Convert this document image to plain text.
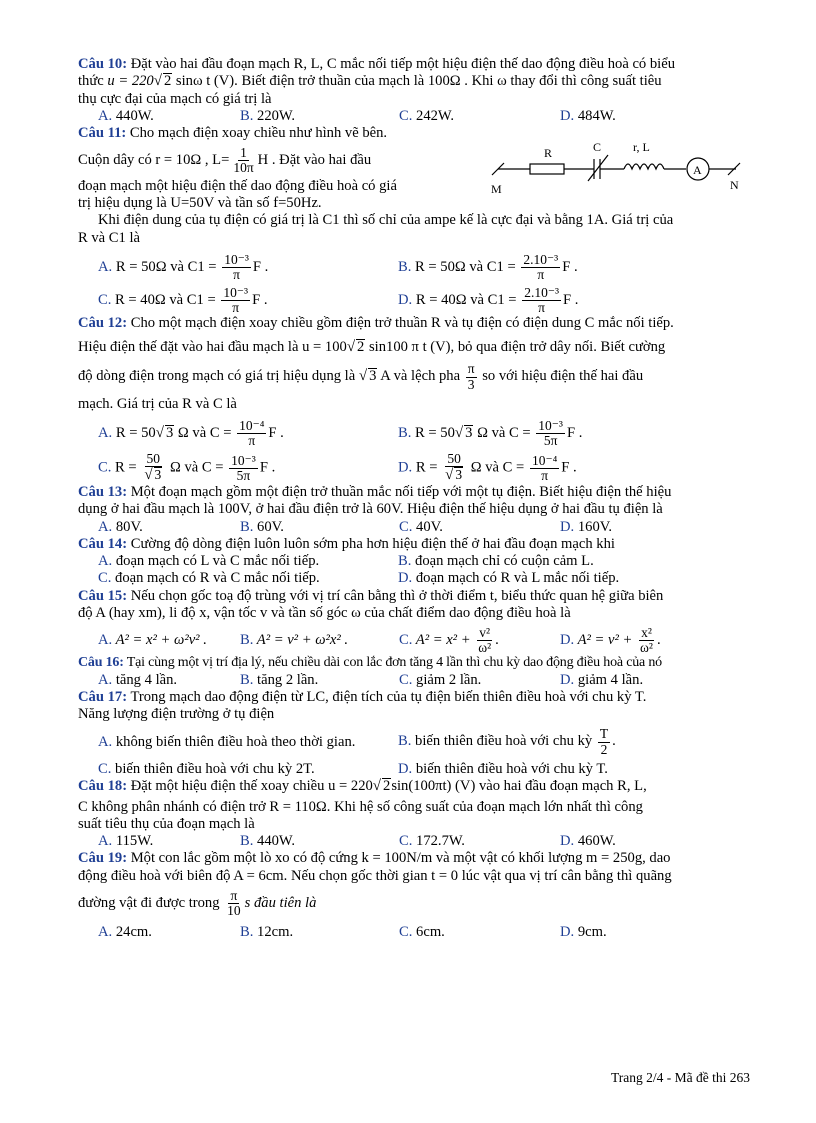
Câu 10: Đặt vào hai đầu đoạn mạch R, L, C mắc nối tiếp một hiệu điện thế dao động điều hoà có biểu

thức u = 220√ 2 sinω t (V). Biết điện trở thuần của mạch là 100Ω . Khi ω thay đổi thì công suất tiêu

thụ cực đại của mạch có giá trị là

A. 440W.	B. 220W.	C. 242W.	D. 484W.

Câu 11: Cho mạch điện xoay chiều như hình vẽ bên.

Cuộn dây có r = 10Ω , $L= \frac{1}{10\pi}$ H . Đặt vào hai đầu

đoạn mạch một hiệu điện thế dao động điều hoà có giá

trị hiệu dụng là U=50V và tần số f=50Hz.

Khi điện dung của tụ điện có giá trị là C1 thì số chỉ của ampe kế là cực đại và bằng 1A. Giá trị của

R và C1 là

A. R = 50Ω và $C1 = \frac{\text{10⁻³}}{\pi}$ F .	B. R = 50Ω và $C1 = \frac{\text{2.10⁻³}}{\pi}$ F .
C. R = 40Ω và $C1 = \frac{\text{10⁻³}}{\pi}$ F .	D. R = 40Ω và $C1 = \frac{\text{2.10⁻³}}{\pi}$ F .

Câu 12: Cho một mạch điện xoay chiều gồm điện trở thuần R và tụ điện có điện dung C mắc nối tiếp.

Hiệu điện thế đặt vào hai đầu mạch là u = 100√ 2 sin100 π t (V), bỏ qua điện trở dây nối. Biết cường

độ dòng điện trong mạch có giá trị hiệu dụng là √ 3 A và lệch pha $\frac{\pi}{3}$ so với hiệu điện thế hai đầu

mạch. Giá trị của R và C là

A. R = 50√ 3 Ω và $C = \frac{\text{10⁻⁴}}{\pi}$ F .	B. R = 50√ 3 Ω và $C = \frac{\text{10⁻³}}{5\pi}$ F .
C. $R = \frac{50}{√ 3}$ Ω và $C = \frac{\text{10⁻³}}{5\pi}$ F .	D. $R = \frac{50}{√ 3}$ Ω và $C = \frac{\text{10⁻⁴}}{\pi}$ F .

Câu 13: Một đoạn mạch gồm một điện trở thuần mắc nối tiếp với một tụ điện. Biết hiệu điện thế hiệu

dụng ở hai đầu mạch là 100V, ở hai đầu điện trở là 60V. Hiệu điện thế hiệu dụng ở hai đầu tụ điện là

A. 80V.	B. 60V.	C. 40V.	D. 160V.

Câu 14: Cường độ dòng điện luôn luôn sớm pha hơn hiệu điện thế ở hai đầu đoạn mạch khi

A. đoạn mạch có L và C mắc nối tiếp.	B. đoạn mạch chỉ có cuộn cảm L.
C. đoạn mạch có R và C mắc nối tiếp.	D. đoạn mạch có R và L mắc nối tiếp.

Câu 15: Nếu chọn gốc toạ độ trùng với vị trí cân bằng thì ở thời điểm t, biểu thức quan hệ giữa biên

độ A (hay xm), li độ x, vận tốc v và tần số góc ω của chất điểm dao động điều hoà là

A. A² = x² + ω²v² .	B. A² = v² + ω²x² .	C. $A^2 = x^2 + \frac{\text{v²}}{\text{ω²}}$ .	D. $A^2 = v^2 + \frac{\text{x²}}{\text{ω²}}$ .

Câu 16: Tại cùng một vị trí địa lý, nếu chiều dài con lắc đơn tăng 4 lần thì chu kỳ dao động điều hoà của nó

A. tăng 4 lần.	B. tăng 2 lần.	C. giảm 2 lần.	D. giảm 4 lần.

Câu 17: Trong mạch dao động điện từ LC, điện tích của tụ điện biến thiên điều hoà với chu kỳ T.

Năng lượng điện trường ở tụ điện

A. không biến thiên điều hoà theo thời gian.	B. biến thiên điều hoà với chu kỳ $\frac{T}{2}$ .
C. biến thiên điều hoà với chu kỳ 2T.	D. biến thiên điều hoà với chu kỳ T.

Câu 18: Đặt một hiệu điện thế xoay chiều u = 220√ 2sin(100πt) (V) vào hai đầu đoạn mạch R, L,

C không phân nhánh có điện trở R = 110Ω. Khi hệ số công suất của đoạn mạch lớn nhất thì công

suất tiêu thụ của đoạn mạch là

A. 115W.	B. 440W.	C. 172.7W.	D. 460W.

Câu 19: Một con lắc gồm một lò xo có độ cứng k = 100N/m và một vật có khối lượng m = 250g, dao

động điều hoà với biên độ A = 6cm. Nếu chọn gốc thời gian t = 0 lúc vật qua vị trí cân bằng thì quãng

đường vật đi được trong $\frac{\pi}{10}$ s đầu tiên là

A. 24cm.	B. 12cm.	C. 6cm.	D. 9cm.
R	C	r, L
A
M	N
Trang 2/4 - Mã đề thi 263
